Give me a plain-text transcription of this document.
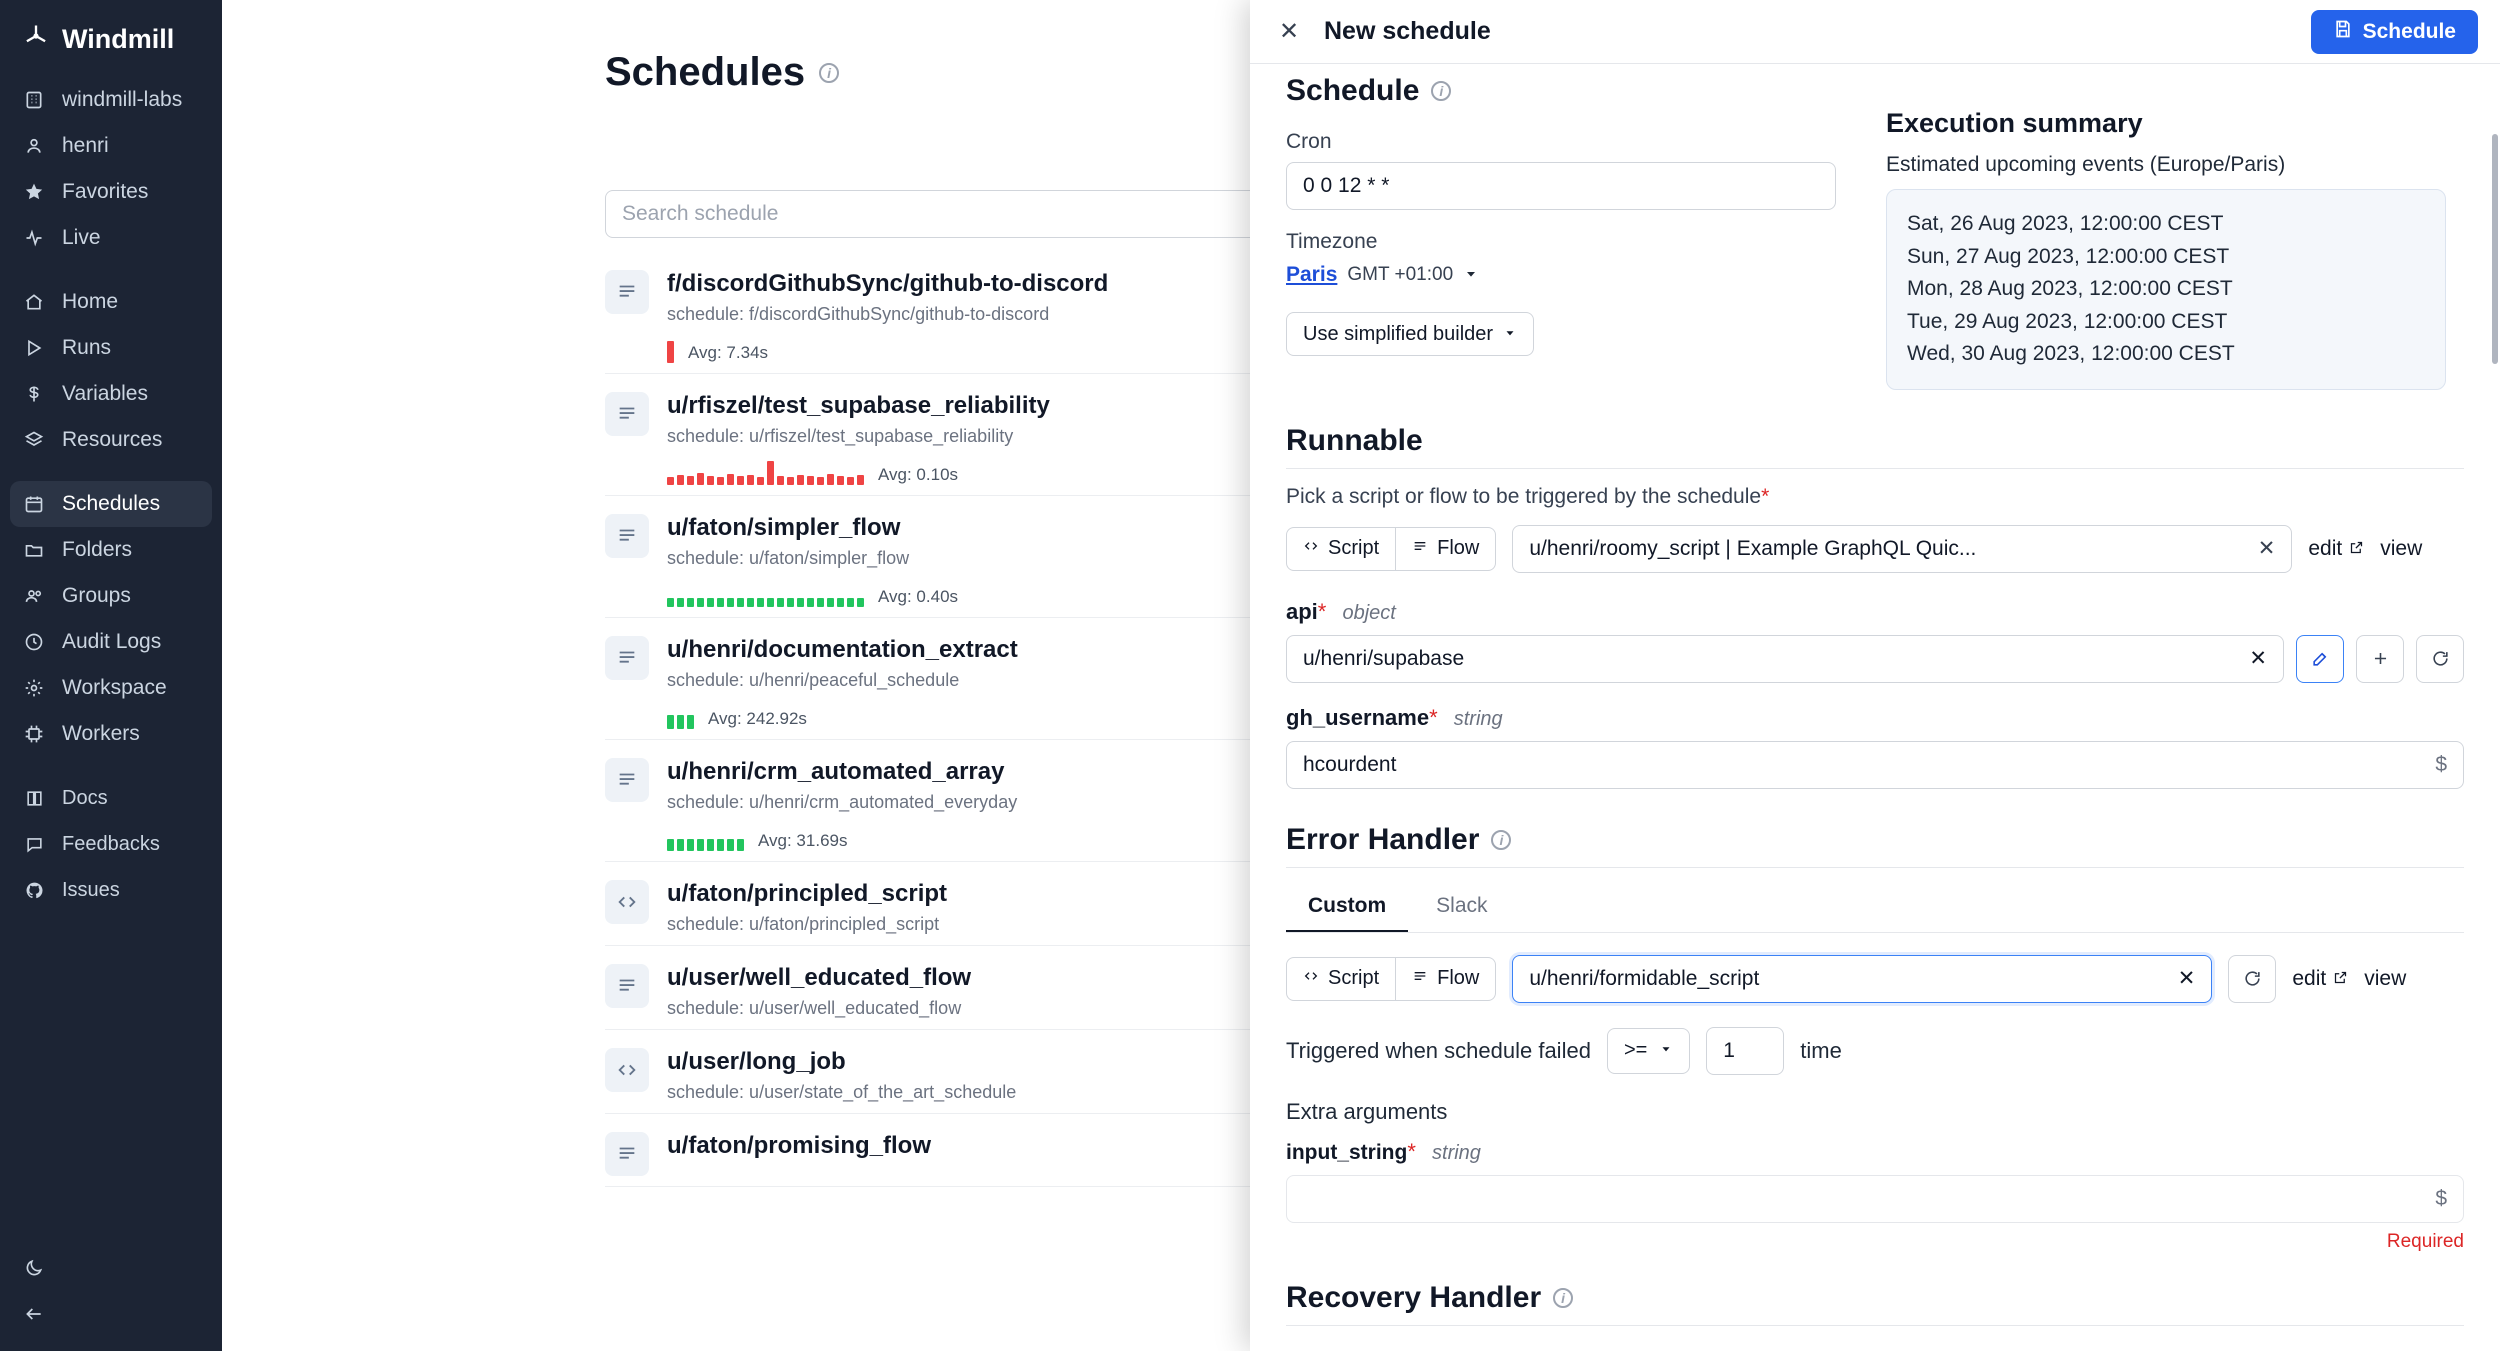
Windmill
windmill-labs
henri
Favorites
Live
Home
Runs
Variables
Resources
Schedules
Folders
Groups
Audit Logs
Workspace
Workers
Docs
Feedbacks
Issues
Schedules	i
Search schedule
f/discordGithubSync/github-to-discord
schedule: f/discordGithubSync/github-to-discord
Avg: 7.34s
u/rfiszel/test_supabase_reliability
schedule: u/rfiszel/test_supabase_reliability
Avg: 0.10s
u/faton/simpler_flow
schedule: u/faton/simpler_flow
Avg: 0.40s
u/henri/documentation_extract
schedule: u/henri/peaceful_schedule
Avg: 242.92s
u/henri/crm_automated_array
schedule: u/henri/crm_automated_everyday
Avg: 31.69s
u/faton/principled_script
schedule: u/faton/principled_script
u/user/well_educated_flow
schedule: u/user/well_educated_flow
u/user/long_job
schedule: u/user/state_of_the_art_schedule
u/faton/promising_flow
✕ New schedule	Schedule
Schedule	i
Cron
0 0 12 * *
Timezone
Paris GMT +01:00
Use simplified builder
Execution summary
Estimated upcoming events (Europe/Paris)
Sat, 26 Aug 2023, 12:00:00 CEST
Sun, 27 Aug 2023, 12:00:00 CEST
Mon, 28 Aug 2023, 12:00:00 CEST
Tue, 29 Aug 2023, 12:00:00 CEST
Wed, 30 Aug 2023, 12:00:00 CEST
Runnable
Pick a script or flow to be triggered by the schedule*
Script	Flow u/henri/roomy_script | Example GraphQL Quic...	✕ edit view
api* object
u/henri/supabase	✕
gh_username* string
hcourdent	$
Error Handler	i
Custom	Slack
Script	Flow u/henri/formidable_script	✕	edit view
Triggered when schedule failed >=	1	time
Extra arguments
input_string* string
$
Required
Recovery Handler	i
